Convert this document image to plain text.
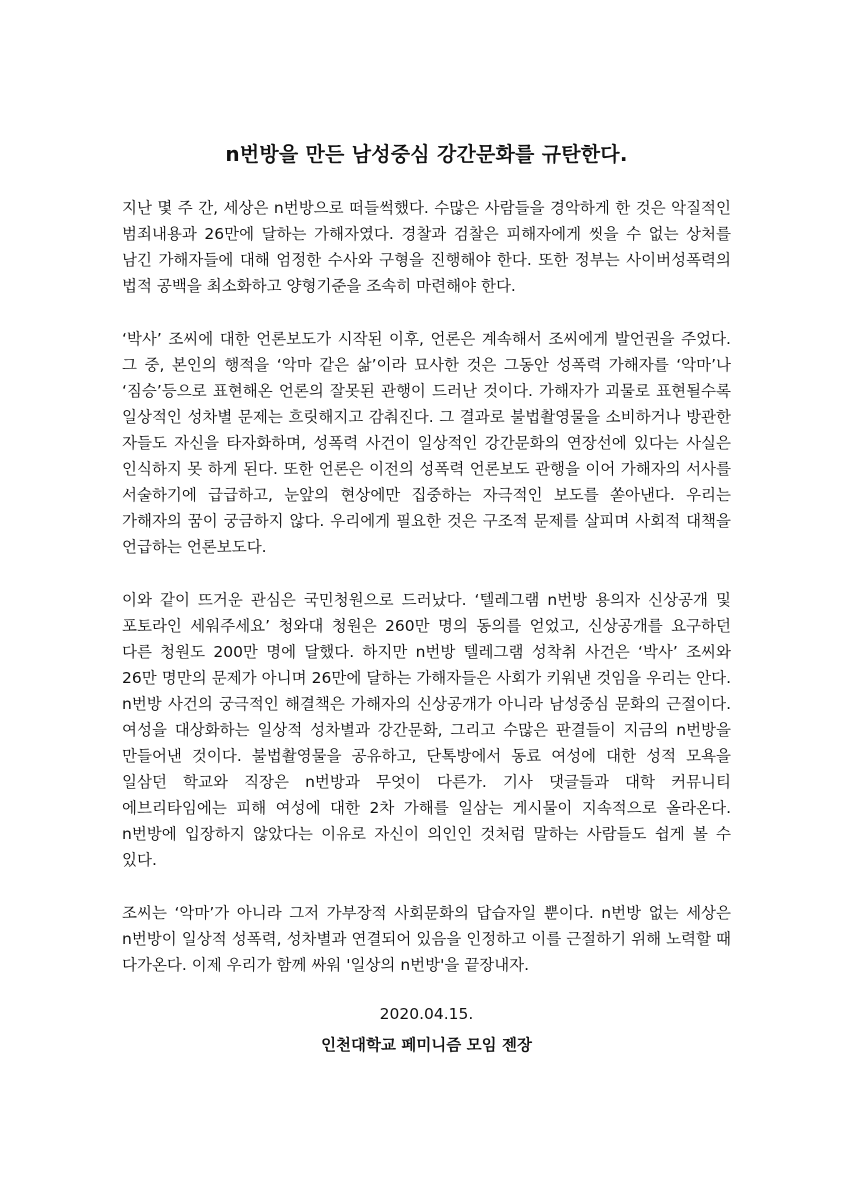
n번방을 만든 남성중심 강간문화를 규탄한다.

지난 몇 주 간, 세상은 n번방으로 떠들썩했다. 수많은 사람들을 경악하게 한 것은 악질적인 범죄내용과 26만에 달하는 가해자였다. 경찰과 검찰은 피해자에게 씻을 수 없는 상처를 남긴 가해자들에 대해 엄정한 수사와 구형을 진행해야 한다. 또한 정부는 사이버성폭력의 법적 공백을 최소화하고 양형기준을 조속히 마련해야 한다.

‘박사’ 조씨에 대한 언론보도가 시작된 이후, 언론은 계속해서 조씨에게 발언권을 주었다. 그 중, 본인의 행적을 ‘악마 같은 삶’이라 묘사한 것은 그동안 성폭력 가해자를 ‘악마’나 ‘짐승’등으로 표현해온 언론의 잘못된 관행이 드러난 것이다. 가해자가 괴물로 표현될수록 일상적인 성차별 문제는 흐릿해지고 감춰진다. 그 결과로 불법촬영물을 소비하거나 방관한 자들도 자신을 타자화하며, 성폭력 사건이 일상적인 강간문화의 연장선에 있다는 사실은 인식하지 못 하게 된다. 또한 언론은 이전의 성폭력 언론보도 관행을 이어 가해자의 서사를 서술하기에 급급하고, 눈앞의 현상에만 집중하는 자극적인 보도를 쏟아낸다. 우리는 가해자의 꿈이 궁금하지 않다. 우리에게 필요한 것은 구조적 문제를 살피며 사회적 대책을 언급하는 언론보도다.

이와 같이 뜨거운 관심은 국민청원으로 드러났다. ‘텔레그램 n번방 용의자 신상공개 및 포토라인 세워주세요’ 청와대 청원은 260만 명의 동의를 얻었고, 신상공개를 요구하던 다른 청원도 200만 명에 달했다. 하지만 n번방 텔레그램 성착취 사건은 ‘박사’ 조씨와 26만 명만의 문제가 아니며 26만에 달하는 가해자들은 사회가 키워낸 것임을 우리는 안다. n번방 사건의 궁극적인 해결책은 가해자의 신상공개가 아니라 남성중심 문화의 근절이다. 여성을 대상화하는 일상적 성차별과 강간문화, 그리고 수많은 판결들이 지금의 n번방을 만들어낸 것이다. 불법촬영물을 공유하고, 단톡방에서 동료 여성에 대한 성적 모욕을 일삼던 학교와 직장은 n번방과 무엇이 다른가. 기사 댓글들과 대학 커뮤니티 에브리타임에는 피해 여성에 대한 2차 가해를 일삼는 게시물이 지속적으로 올라온다. n번방에 입장하지 않았다는 이유로 자신이 의인인 것처럼 말하는 사람들도 쉽게 볼 수 있다.

조씨는 ‘악마’가 아니라 그저 가부장적 사회문화의 답습자일 뿐이다. n번방 없는 세상은 n번방이 일상적 성폭력, 성차별과 연결되어 있음을 인정하고 이를 근절하기 위해 노력할 때 다가온다. 이제 우리가 함께 싸워 '일상의 n번방'을 끝장내자.

2020.04.15.
인천대학교 페미니즘 모임 젠장
